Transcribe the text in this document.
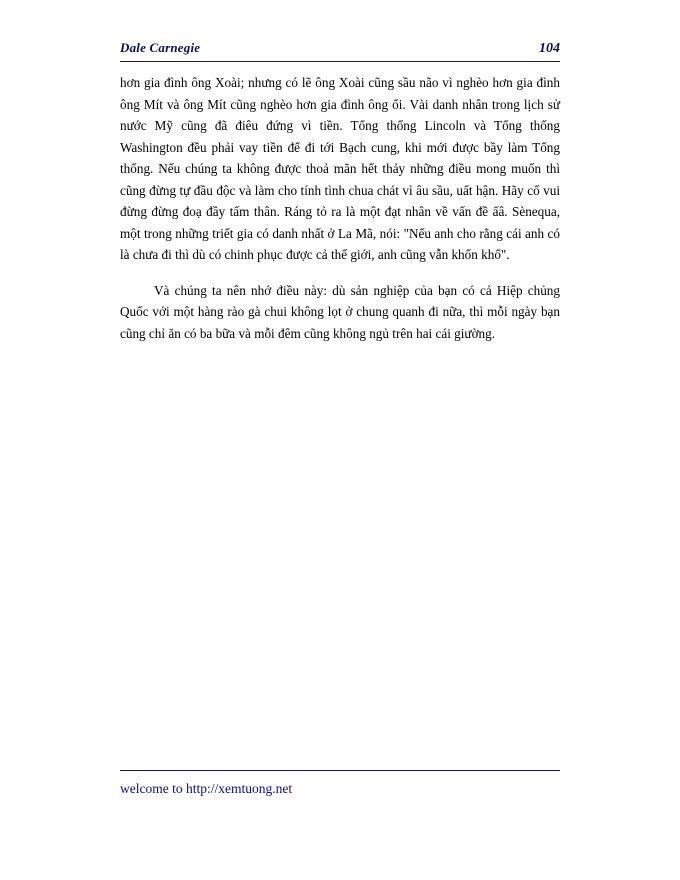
Dale Carnegie	104

hơn gia đình ông Xoài; nhưng có lẽ ông Xoài cũng sầu não vì nghèo hơn gia đình ông Mít và ông Mít cũng nghèo hơn gia đình ông ổi. Vài danh nhân trong lịch sử nước Mỹ cũng đã điêu đứng vì tiền. Tổng thống Lincoln và Tổng thống Washington đều phải vay tiền để đi tới Bạch cung, khi mới được bầy làm Tổng thống. Nếu chúng ta không được thoả mãn hết thảy những điều mong muốn thì cũng đừng tự đầu độc và làm cho tính tình chua chát vì âu sầu, uất hận. Hãy cố vui đừng đừng đoạ đầy tấm thân. Ráng tỏ ra là một đạt nhân về vấn đề ấâ. Sènequa, một trong những triết gia có danh nhất ở La Mã, nói: "Nếu anh cho rằng cái anh có là chưa đi thì dù có chinh phục được cả thế giới, anh cũng vẫn khốn khổ".

Và chúng ta nên nhớ điều này: dù sản nghiệp của bạn có cả Hiệp chủng Quốc với một hàng rào gà chui không lọt ở chung quanh đi nữa, thì mỗi ngày bạn cũng chỉ ăn có ba bữa và mỗi đêm cũng không ngủ trên hai cái giường.

welcome to http://xemtuong.net
